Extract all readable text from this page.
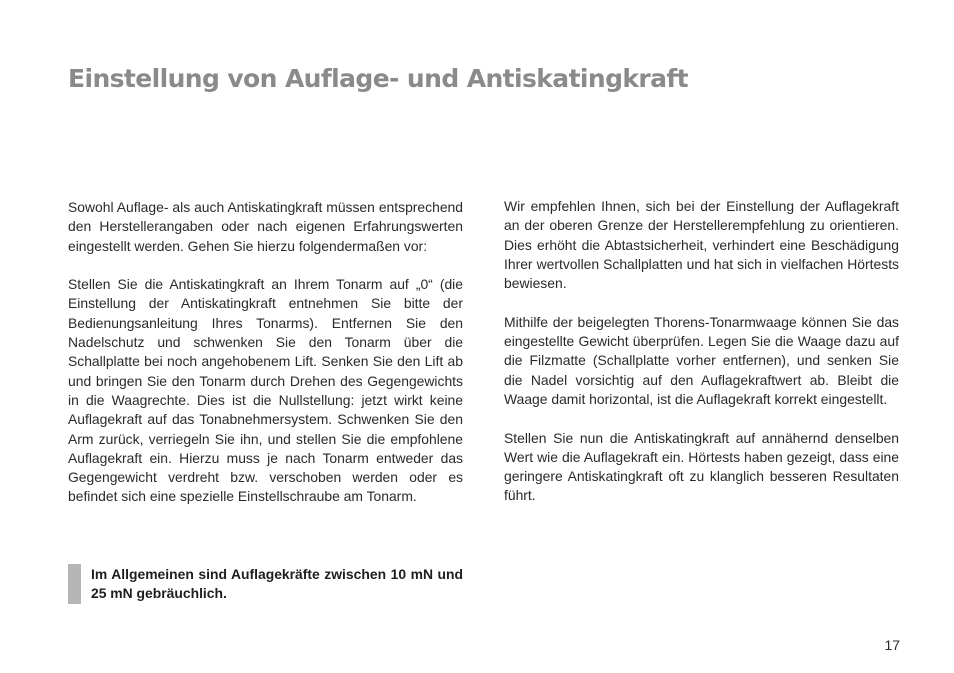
Einstellung von Auflage- und Antiskatingkraft

Sowohl Auflage- als auch Antiskatingkraft müssen entsprechend den Herstellerangaben oder nach eigenen Erfahrungswerten eingestellt werden. Gehen Sie hierzu folgendermaßen vor:

Stellen Sie die Antiskatingkraft an Ihrem Tonarm auf „0“ (die Einstellung der Antiskatingkraft entnehmen Sie bitte der Bedienungsanleitung Ihres Tonarms). Entfernen Sie den Nadelschutz und schwenken Sie den Tonarm über die Schallplatte bei noch angehobenem Lift. Senken Sie den Lift ab und bringen Sie den Tonarm durch Drehen des Gegengewichts in die Waagrechte. Dies ist die Nullstellung: jetzt wirkt keine Auflagekraft auf das Tonabnehmersystem. Schwenken Sie den Arm zurück, verriegeln Sie ihn, und stellen Sie die empfohlene Auflagekraft ein. Hierzu muss je nach Tonarm entweder das Gegengewicht verdreht bzw. verschoben werden oder es befindet sich eine spezielle Einstellschraube am Tonarm.

Im Allgemeinen sind Auflagekräfte zwischen 10 mN und 25 mN gebräuchlich.

Wir empfehlen Ihnen, sich bei der Einstellung der Auflagekraft an der oberen Grenze der Herstellerempfehlung zu orientieren. Dies erhöht die Abtastsicherheit, verhindert eine Beschädigung Ihrer wertvollen Schallplatten und hat sich in vielfachen Hörtests bewiesen.

Mithilfe der beigelegten Thorens-Tonarmwaage können Sie das eingestellte Gewicht überprüfen. Legen Sie die Waage dazu auf die Filzmatte (Schallplatte vorher entfernen), und senken Sie die Nadel vorsichtig auf den Auflagekraftwert ab. Bleibt die Waage damit horizontal, ist die Auflagekraft korrekt eingestellt.

Stellen Sie nun die Antiskatingkraft auf annähernd denselben Wert wie die Auflagekraft ein. Hörtests haben gezeigt, dass eine geringere Antiskatingkraft oft zu klanglich besseren Resultaten führt.

17
